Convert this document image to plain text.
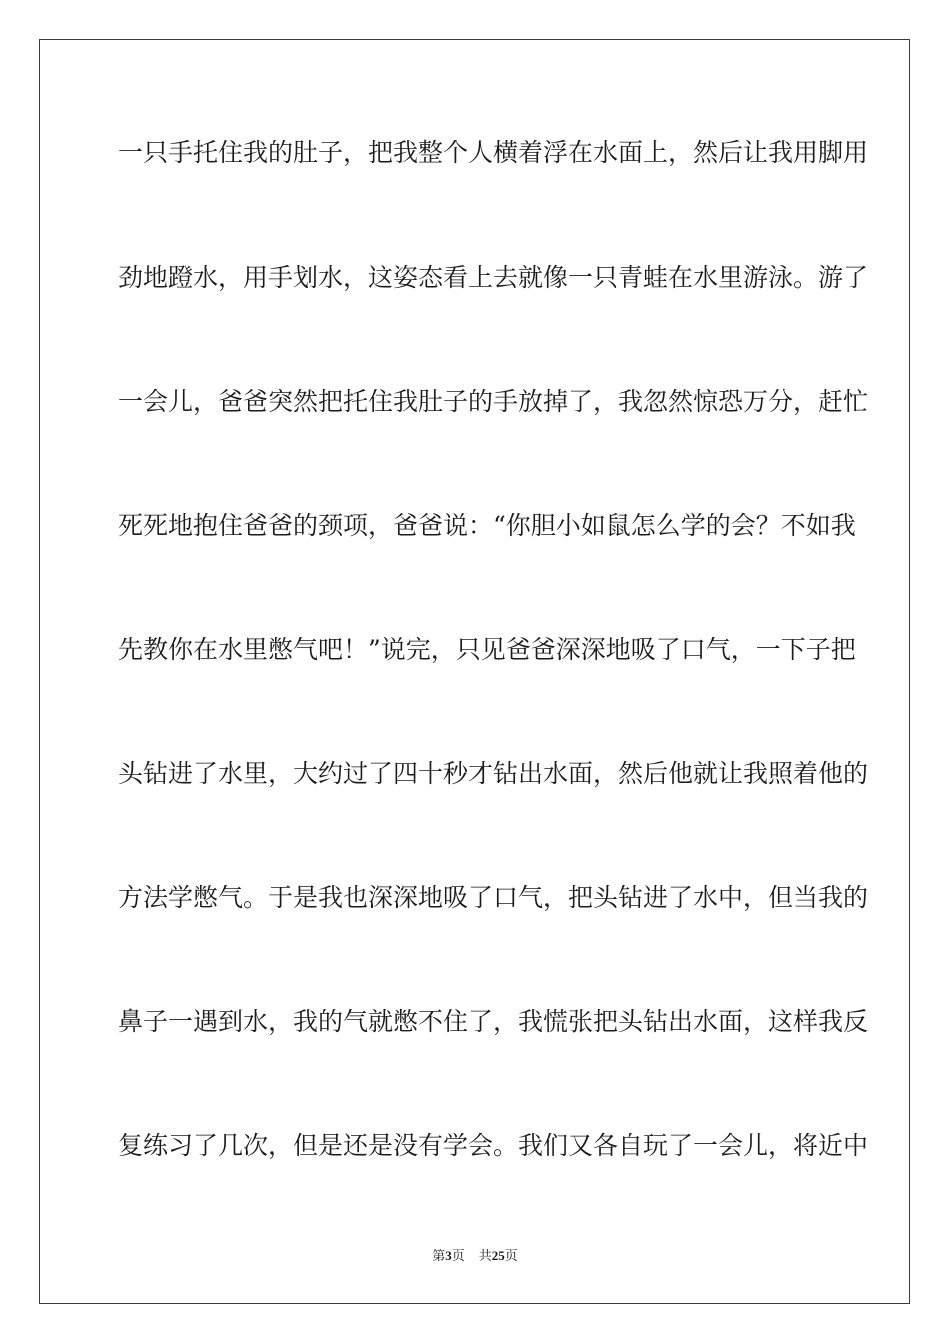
一只手托住我的肚子，把我整个人横着浮在水面上，然后让我用脚用
劲地蹬水，用手划水，这姿态看上去就像一只青蛙在水里游泳。游了
一会儿，爸爸突然把托住我肚子的手放掉了，我忽然惊恐万分，赶忙
死死地抱住爸爸的颈项，爸爸说：“你胆小如鼠怎么学的会？不如我
先教你在水里憋气吧！”说完，只见爸爸深深地吸了口气，一下子把
头钻进了水里，大约过了四十秒才钻出水面，然后他就让我照着他的
方法学憋气。于是我也深深地吸了口气，把头钻进了水中，但当我的
鼻子一遇到水，我的气就憋不住了，我慌张把头钻出水面，这样我反
复练习了几次，但是还是没有学会。我们又各自玩了一会儿，将近中
第3页 共25页
